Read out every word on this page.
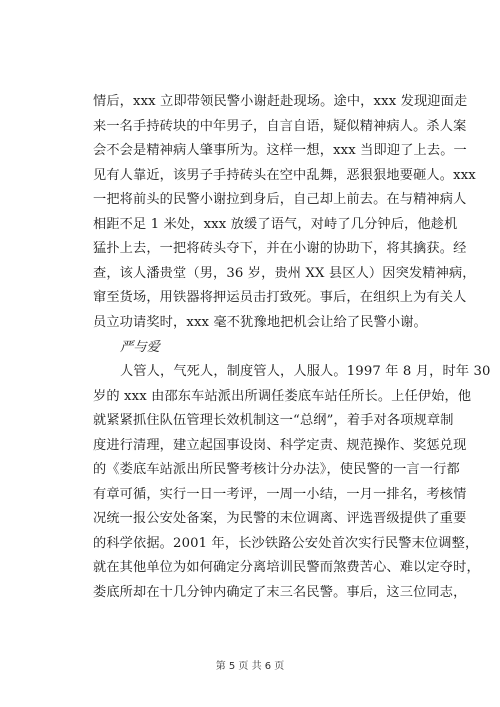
情后，xxx 立即带领民警小谢赶赴现场。途中，xxx 发现迎面走
来一名手持砖块的中年男子，自言自语，疑似精神病人。杀人案
会不会是精神病人肇事所为。这样一想，xxx 当即迎了上去。一
见有人靠近，该男子手持砖头在空中乱舞，恶狠狠地要砸人。xxx
一把将前头的民警小谢拉到身后，自己却上前去。在与精神病人
相距不足 1 米处，xxx 放缓了语气，对峙了几分钟后，他趁机
猛扑上去，一把将砖头夺下，并在小谢的协助下，将其擒获。经
查，该人潘贵堂（男，36 岁，贵州 XX 县区人）因突发精神病，
窜至货场，用铁器将押运员击打致死。事后，在组织上为有关人
员立功请奖时，xxx 毫不犹豫地把机会让给了民警小谢。
严与爱
人管人，气死人，制度管人，人服人。1997 年 8 月，时年 30
岁的 xxx 由邵东车站派出所调任娄底车站任所长。上任伊始，他
就紧紧抓住队伍管理长效机制这一“总纲”，着手对各项规章制
度进行清理，建立起国事设岗、科学定责、规范操作、奖惩兑现
的《娄底车站派出所民警考核计分办法》，使民警的一言一行都
有章可循，实行一日一考评，一周一小结，一月一排名，考核情
况统一报公安处备案，为民警的末位调离、评选晋级提供了重要
的科学依据。2001 年，长沙铁路公安处首次实行民警末位调整，
就在其他单位为如何确定分离培训民警而煞费苦心、难以定夺时，
娄底所却在十几分钟内确定了末三名民警。事后，这三位同志，
第 5 页 共 6 页
